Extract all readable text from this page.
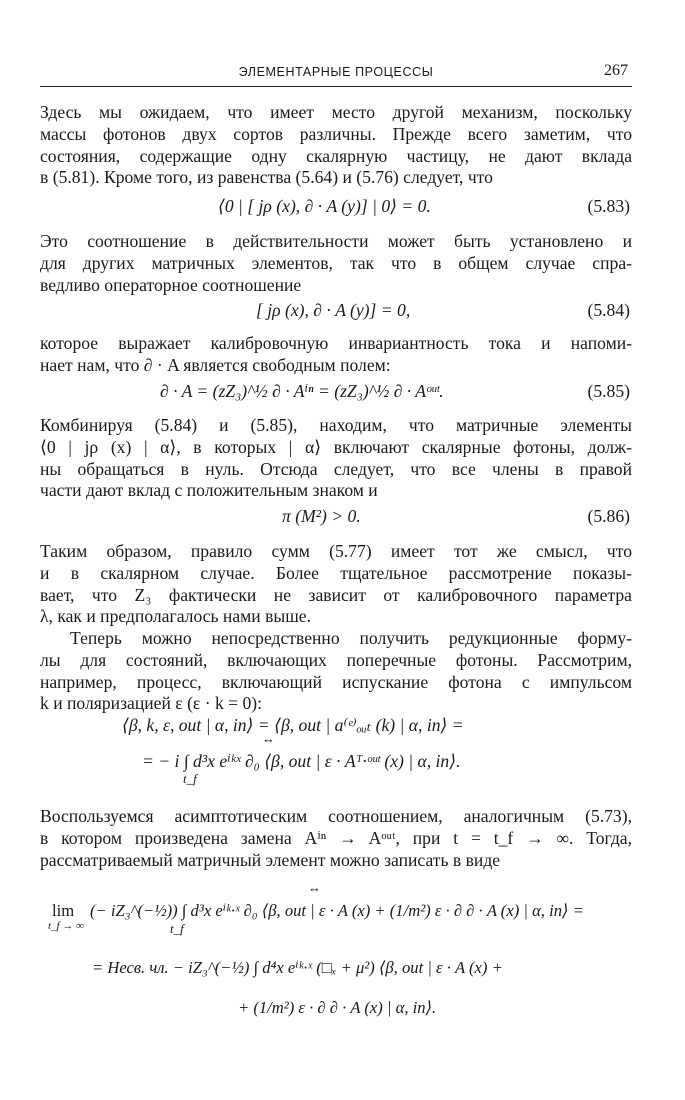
ЭЛЕМЕНТАРНЫЕ ПРОЦЕССЫ	267
Здесь мы ожидаем, что имеет место другой механизм, поскольку
массы фотонов двух сортов различны. Прежде всего заметим, что
состояния, содержащие одну скалярную частицу, не дают вклада
в (5.81). Кроме того, из равенства (5.64) и (5.76) следует, что
⟨0 | [ jρ (x), ∂ · A (y)] | 0⟩ = 0.	(5.83)
Это соотношение в действительности может быть установлено и
для других матричных элементов, так что в общем случае спра-
ведливо операторное соотношение
[ jρ (x), ∂ · A (y)] = 0,	(5.84)
которое выражает калибровочную инвариантность тока и напоми-
нает нам, что ∂ · A является свободным полем:
∂ · A = (zZ₃)^½ ∂ · Aⁱⁿ = (zZ₃)^½ ∂ · Aᵒᵘᵗ.	(5.85)
Комбинируя (5.84) и (5.85), находим, что матричные элементы
⟨0 | jρ (x) | α⟩, в которых | α⟩ включают скалярные фотоны, долж-
ны обращаться в нуль. Отсюда следует, что все члены в правой
части дают вклад с положительным знаком и
π (M²) > 0.	(5.86)
Таким образом, правило сумм (5.77) имеет тот же смысл, что
и в скалярном случае. Более тщательное рассмотрение показы-
вает, что Z₃ фактически не зависит от калибровочного параметра
λ, как и предполагалось нами выше.
Теперь можно непосредственно получить редукционные форму-
лы для состояний, включающих поперечные фотоны. Рассмотрим,
например, процесс, включающий испускание фотона с импульсом
k и поляризацией ε (ε · k = 0):
⟨β, k, ε, out | α, in⟩ = ⟨β, out | a⁽ᵉ⁾ₒᵤₜ (k) | α, in⟩ =
↔
= − i ∫ d³x eⁱᵏˣ ∂₀ ⟨β, out | ε · Aᵀ·ᵒᵘᵗ (x) | α, in⟩.
t_f
Воспользуемся асимптотическим соотношением, аналогичным (5.73),
в котором произведена замена Aⁱⁿ → Aᵒᵘᵗ, при t = t_f → ∞. Тогда,
рассматриваемый матричный элемент можно записать в виде
↔
lim
t_f → ∞
(− iZ₃^(−½)) ∫ d³x eⁱᵏ·ˣ ∂₀ ⟨β, out | ε · A (x) + (1/m²) ε · ∂ ∂ · A (x) | α, in⟩ =
t_f
= Несв. чл. − iZ₃^(−½) ∫ d⁴x eⁱᵏ·ˣ (□ₓ + μ²) ⟨β, out | ε · A (x) +
+ (1/m²) ε · ∂ ∂ · A (x) | α, in⟩.
